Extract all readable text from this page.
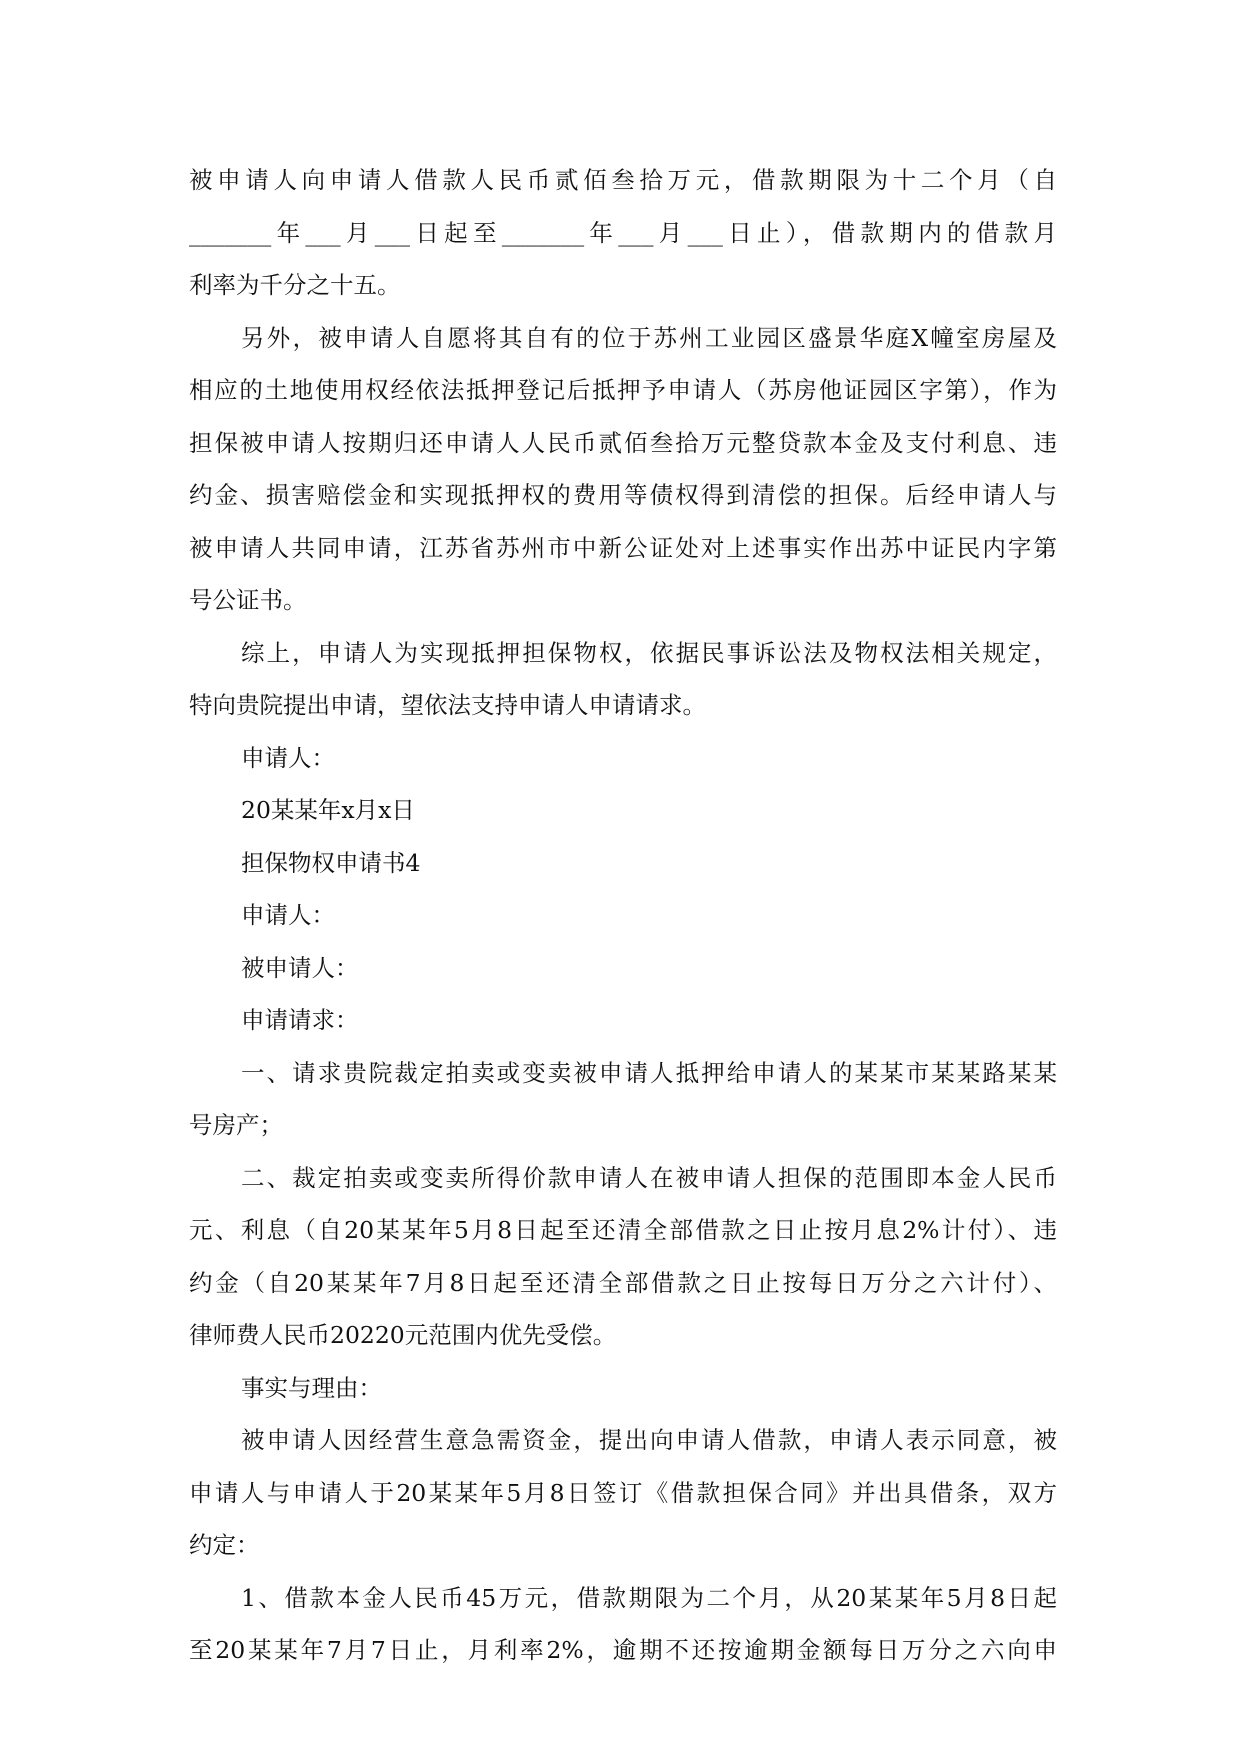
被申请人向申请人借款人民币贰佰叁拾万元，借款期限为十二个月（自
_______年___月___日起至_______年___月___日止），借款期内的借款月
利率为千分之十五。
另外，被申请人自愿将其自有的位于苏州工业园区盛景华庭X幢室房屋及
相应的土地使用权经依法抵押登记后抵押予申请人（苏房他证园区字第），作为
担保被申请人按期归还申请人人民币贰佰叁拾万元整贷款本金及支付利息、违
约金、损害赔偿金和实现抵押权的费用等债权得到清偿的担保。后经申请人与
被申请人共同申请，江苏省苏州市中新公证处对上述事实作出苏中证民内字第
号公证书。
综上，申请人为实现抵押担保物权，依据民事诉讼法及物权法相关规定，
特向贵院提出申请，望依法支持申请人申请请求。
申请人：
20某某年x月x日
担保物权申请书4
申请人：
被申请人：
申请请求：
一、请求贵院裁定拍卖或变卖被申请人抵押给申请人的某某市某某路某某
号房产；
二、裁定拍卖或变卖所得价款申请人在被申请人担保的范围即本金人民币
元、利息（自20某某年5月8日起至还清全部借款之日止按月息2%计付）、违
约金（自20某某年7月8日起至还清全部借款之日止按每日万分之六计付）、
律师费人民币20220元范围内优先受偿。
事实与理由：
被申请人因经营生意急需资金，提出向申请人借款，申请人表示同意，被
申请人与申请人于20某某年5月8日签订《借款担保合同》并出具借条，双方
约定：
1、借款本金人民币45万元，借款期限为二个月，从20某某年5月8日起
至20某某年7月7日止，月利率2%，逾期不还按逾期金额每日万分之六向申
